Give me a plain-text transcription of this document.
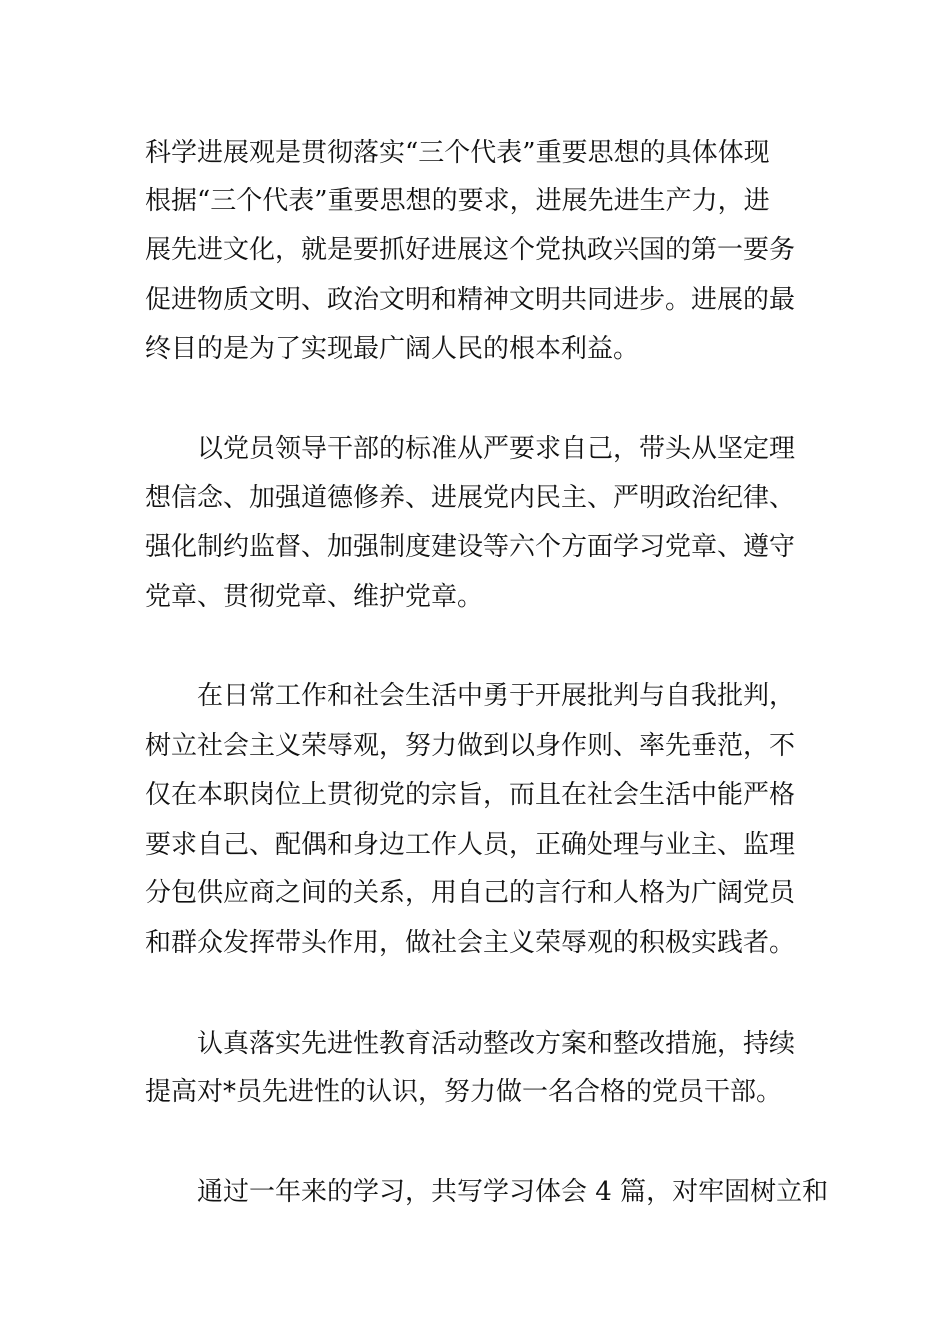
科学进展观是贯彻落实“三个代表”重要思想的具体体现
根据“三个代表”重要思想的要求，进展先进生产力，进
展先进文化，就是要抓好进展这个党执政兴国的第一要务
促进物质文明、政治文明和精神文明共同进步。进展的最
终目的是为了实现最广阔人民的根本利益。
以党员领导干部的标准从严要求自己，带头从坚定理
想信念、加强道德修养、进展党内民主、严明政治纪律、
强化制约监督、加强制度建设等六个方面学习党章、遵守
党章、贯彻党章、维护党章。
在日常工作和社会生活中勇于开展批判与自我批判，
树立社会主义荣辱观，努力做到以身作则、率先垂范，不
仅在本职岗位上贯彻党的宗旨，而且在社会生活中能严格
要求自己、配偶和身边工作人员，正确处理与业主、监理
分包供应商之间的关系，用自己的言行和人格为广阔党员
和群众发挥带头作用，做社会主义荣辱观的积极实践者。
认真落实先进性教育活动整改方案和整改措施，持续
提高对*员先进性的认识，努力做一名合格的党员干部。
通过一年来的学习，共写学习体会 4 篇，对牢固树立和
